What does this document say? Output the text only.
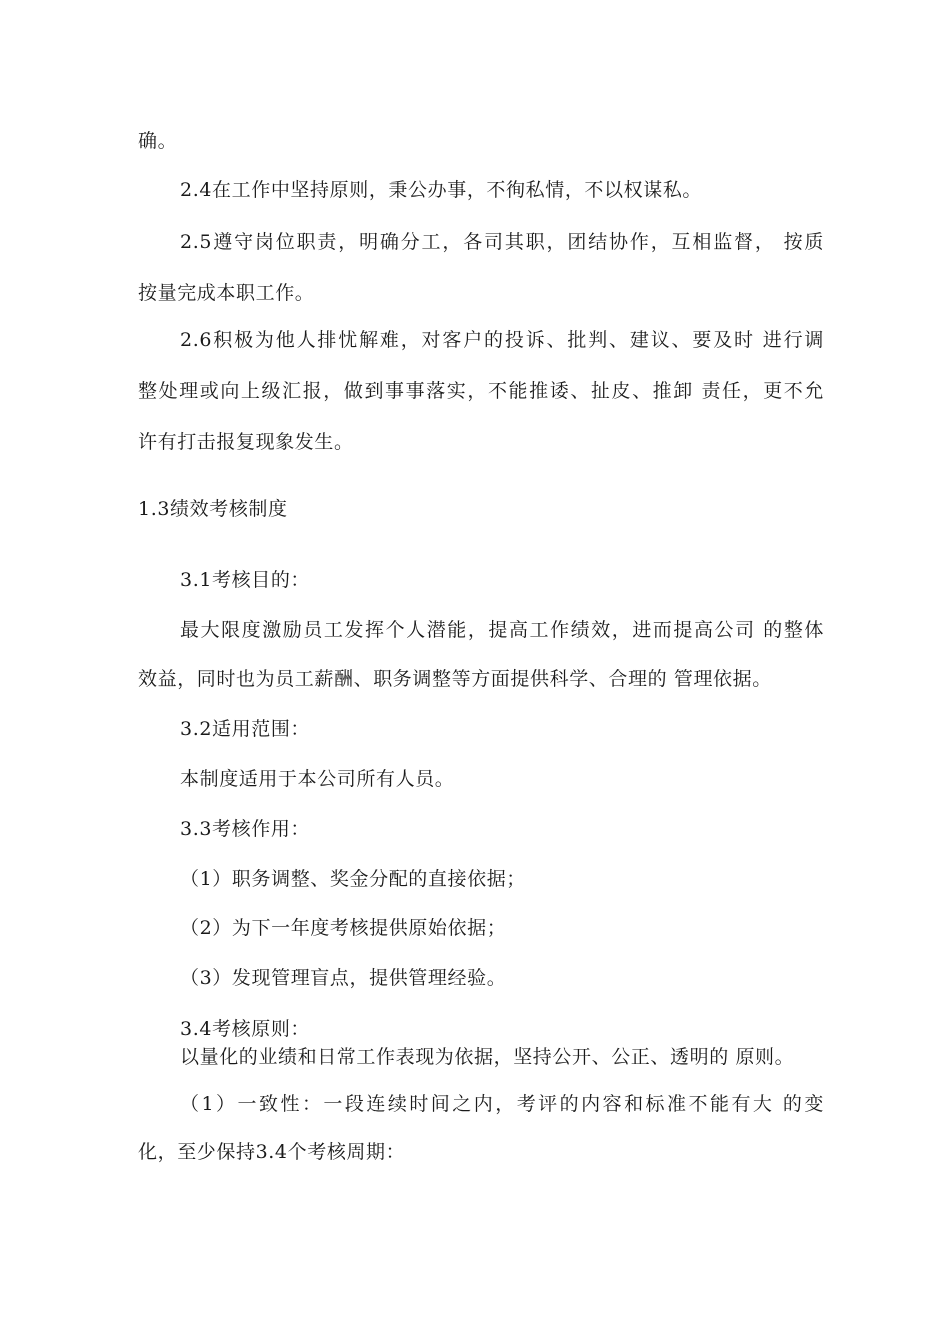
确。
2.4在工作中坚持原则，秉公办事，不徇私情，不以权谋私。
2.5遵守岗位职责，明确分工，各司其职，团结协作，互相监督， 按质
按量完成本职工作。
2.6积极为他人排忧解难，对客户的投诉、批判、建议、要及时 进行调
整处理或向上级汇报，做到事事落实，不能推诿、扯皮、推卸 责任，更不允
许有打击报复现象发生。
1.3绩效考核制度
3.1考核目的：
最大限度激励员工发挥个人潜能，提高工作绩效，进而提高公司 的整体
效益，同时也为员工薪酬、职务调整等方面提供科学、合理的 管理依据。
3.2适用范围：
本制度适用于本公司所有人员。
3.3考核作用：
（1）职务调整、奖金分配的直接依据；
（2）为下一年度考核提供原始依据；
（3）发现管理盲点，提供管理经验。
3.4考核原则：
以量化的业绩和日常工作表现为依据，坚持公开、公正、透明的 原则。
（1）一致性：一段连续时间之内，考评的内容和标准不能有大 的变
化，至少保持3.4个考核周期：
